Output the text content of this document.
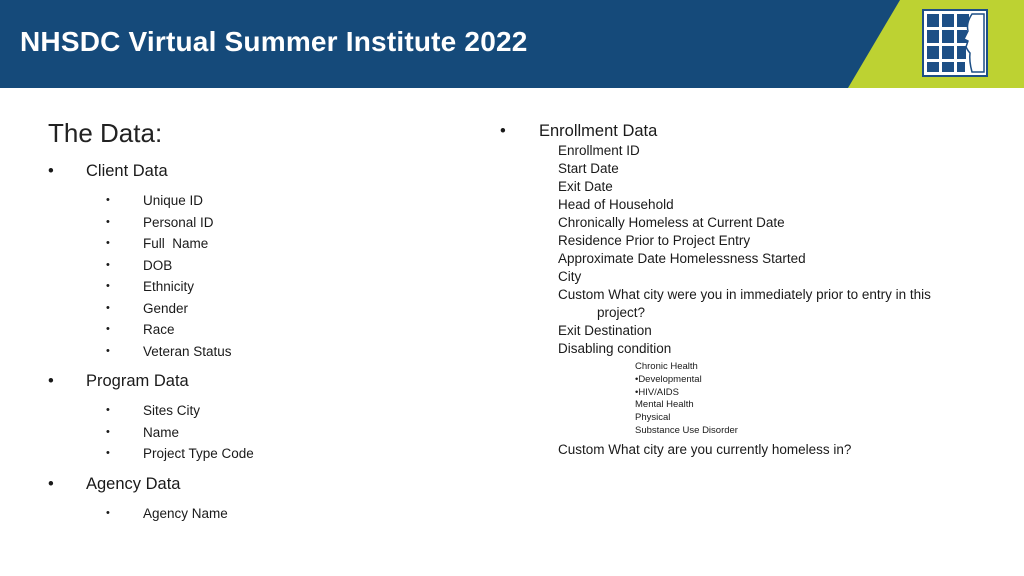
NHSDC Virtual Summer Institute 2022
The Data:
• Client Data
• Unique ID
• Personal ID
• Full  Name
• DOB
• Ethnicity
• Gender
• Race
• Veteran Status
• Program Data
• Sites City
• Name
• Project Type Code
• Agency Data
• Agency Name
• Enrollment Data
Enrollment ID
Start Date
Exit Date
Head of Household
Chronically Homeless at Current Date
Residence Prior to Project Entry
Approximate Date Homelessness Started
City
Custom What city were you in immediately prior to entry in this
project?
Exit Destination
Disabling condition
Chronic Health
•Developmental
•HIV/AIDS
Mental Health
Physical
Substance Use Disorder
Custom What city are you currently homeless in?
